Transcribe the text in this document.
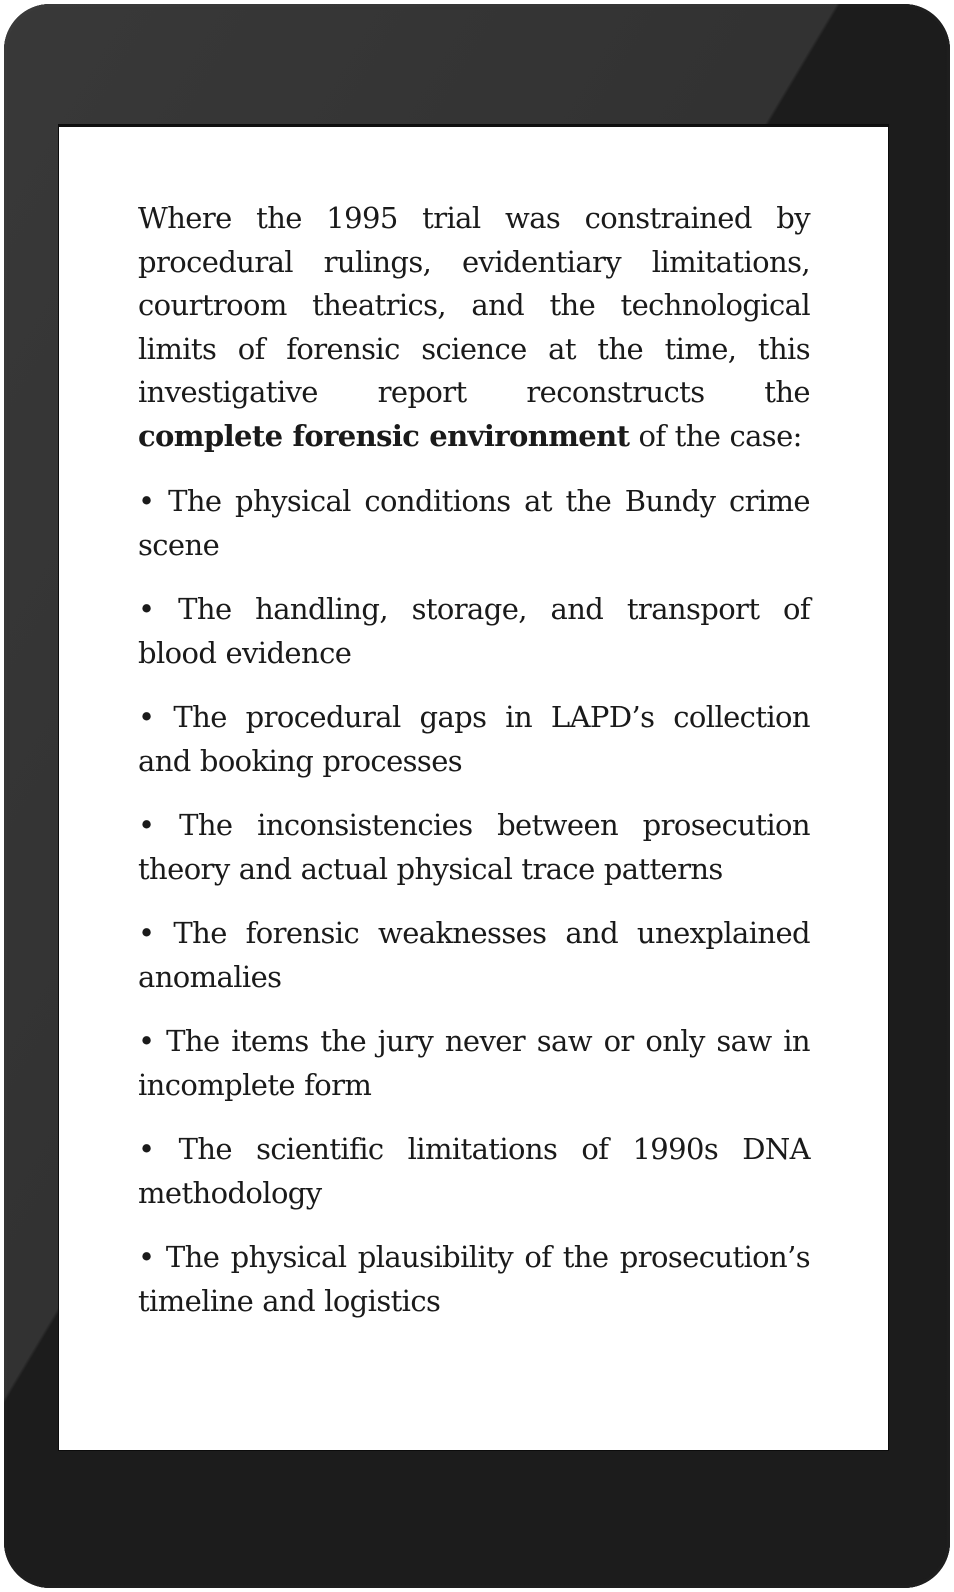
Where the 1995 trial was constrained by procedural rulings, evidentiary limitations, courtroom theatrics, and the technological limits of forensic science at the time, this investigative report reconstructs the complete forensic environment of the case:

• The physical conditions at the Bundy crime scene

• The handling, storage, and transport of blood evidence

• The procedural gaps in LAPD’s collection and booking processes

• The inconsistencies between prosecution theory and actual physical trace patterns

• The forensic weaknesses and unexplained anomalies

• The items the jury never saw or only saw in incomplete form

• The scientific limitations of 1990s DNA methodology

• The physical plausibility of the prosecution’s timeline and logistics
